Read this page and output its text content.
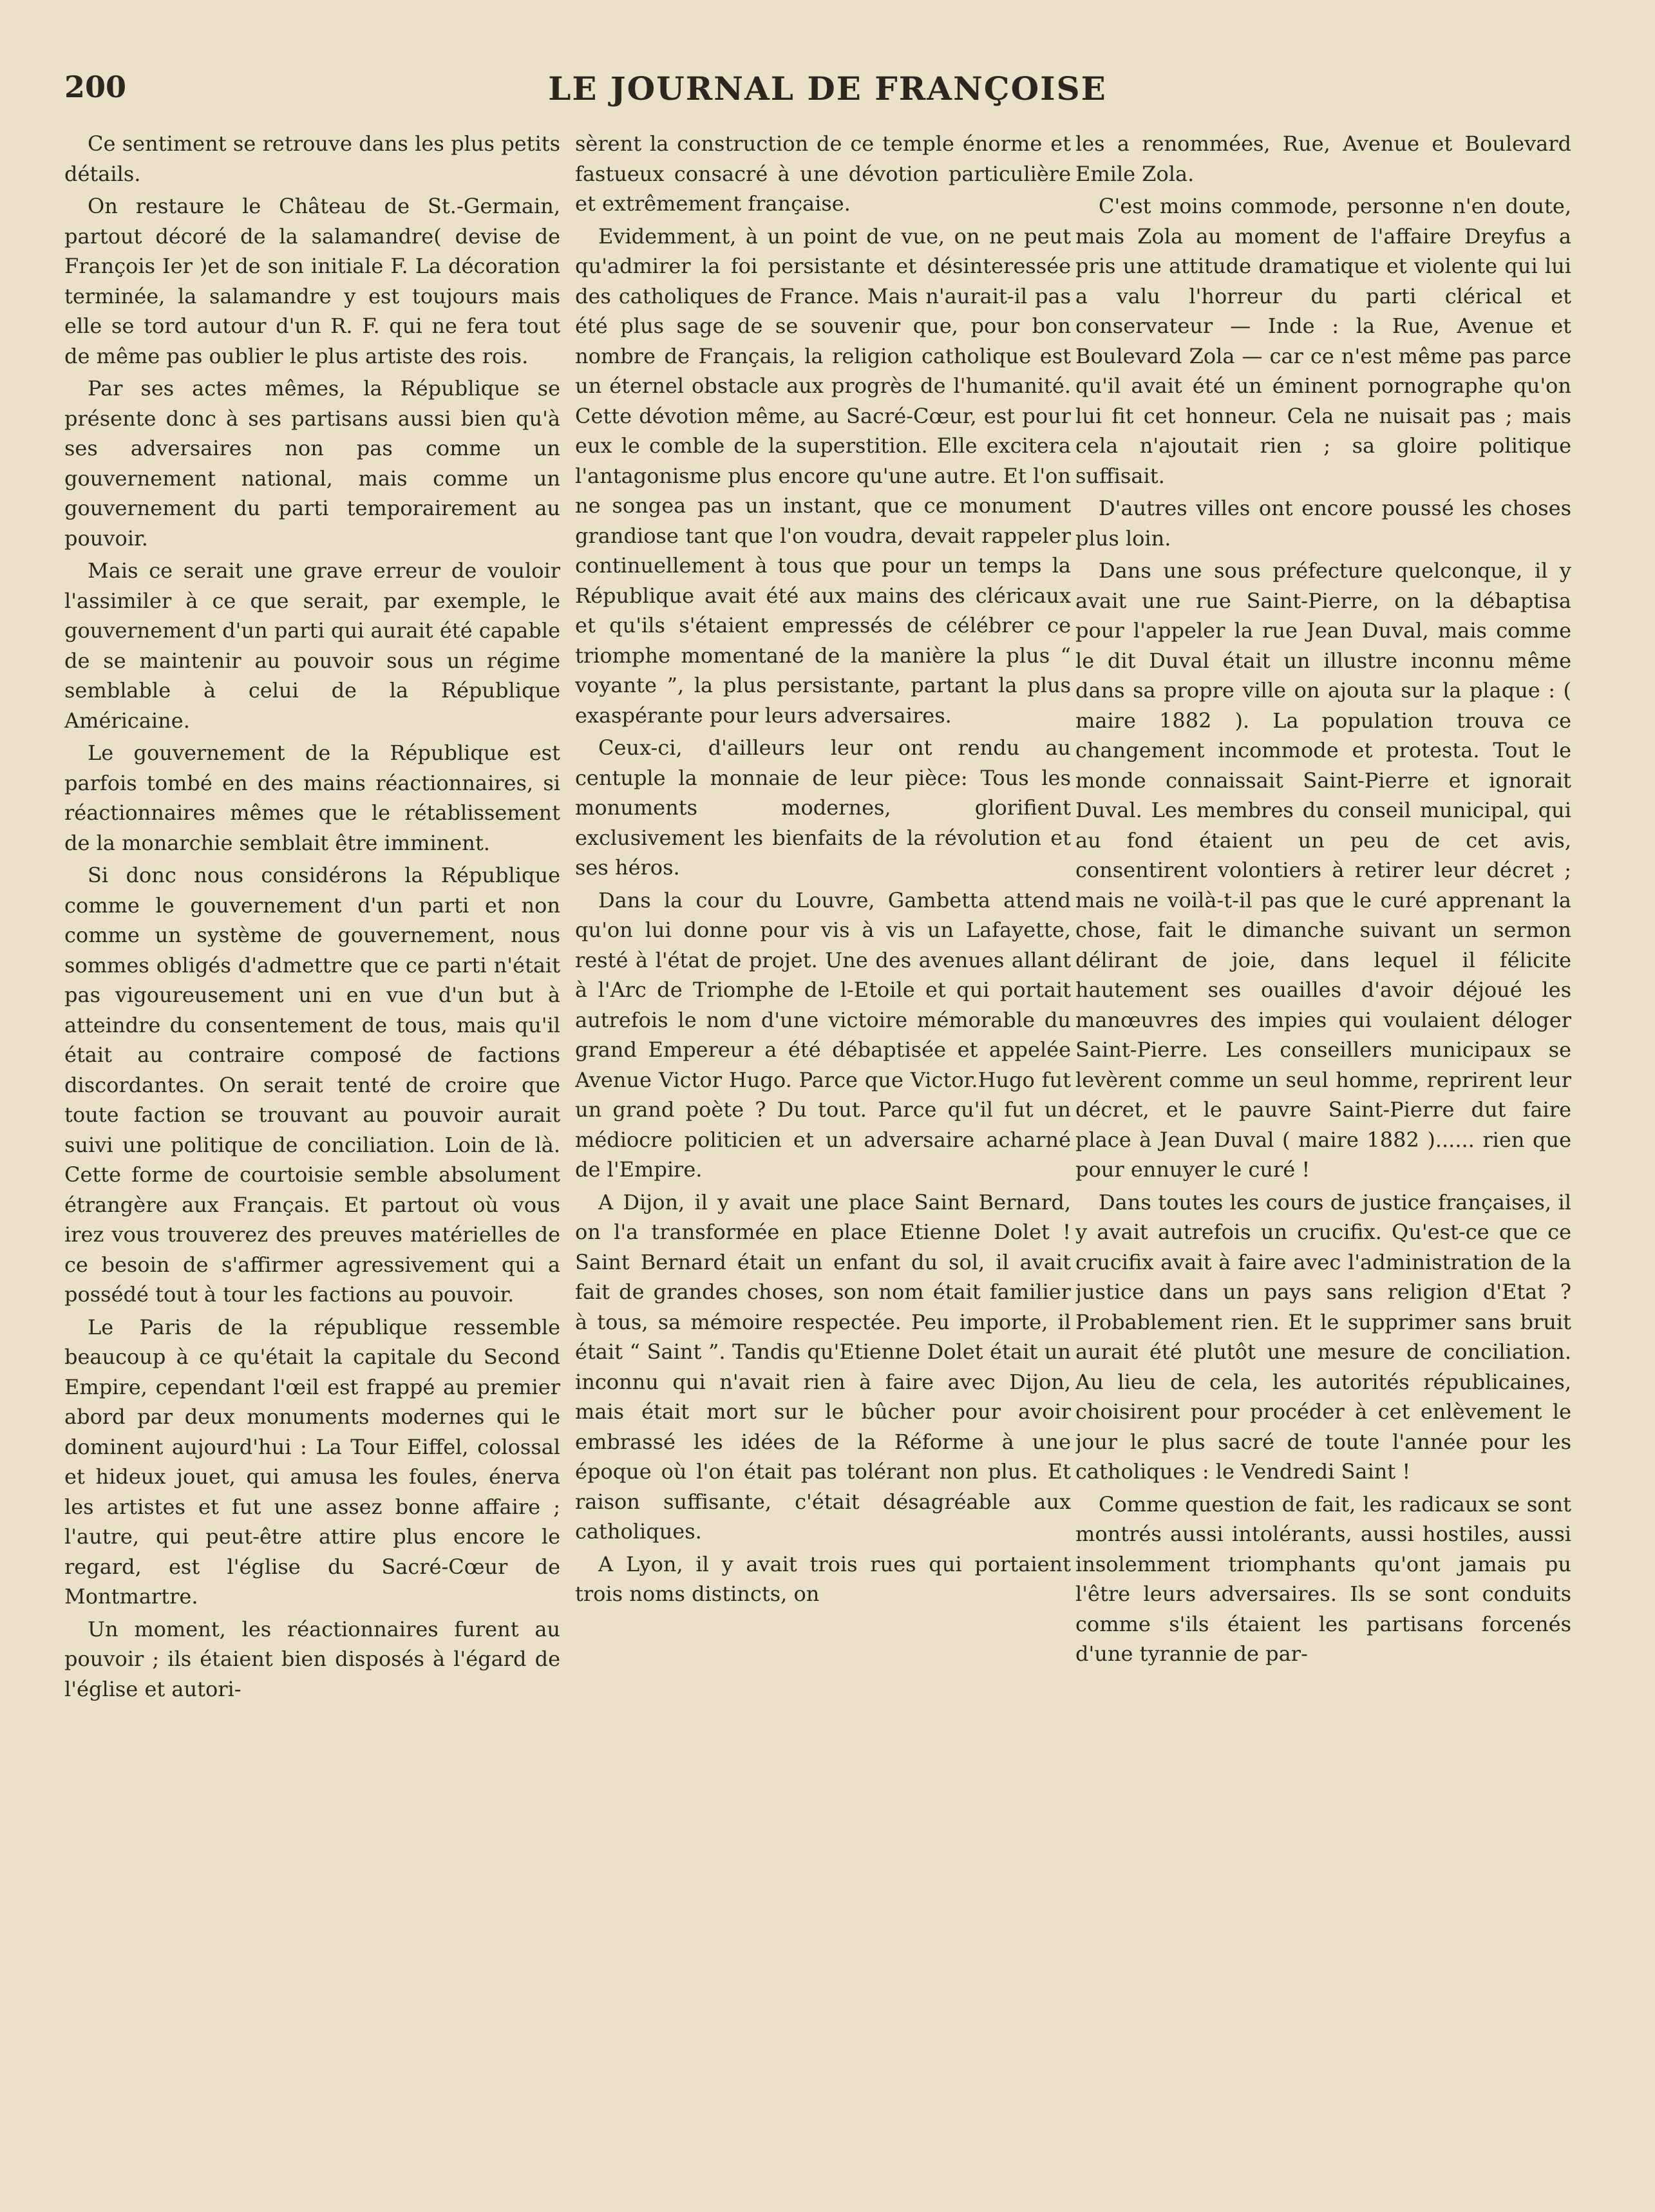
200	LE JOURNAL DE FRANÇOISE

Ce sentiment se retrouve dans les plus petits détails.

On restaure le Château de St.-Germain, partout décoré de la salamandre( devise de François Ier )et de son initiale F. La décoration terminée, la salamandre y est toujours mais elle se tord autour d'un R. F. qui ne fera tout de même pas oublier le plus artiste des rois.

Par ses actes mêmes, la République se présente donc à ses partisans aussi bien qu'à ses adversaires non pas comme un gouvernement national, mais comme un gouvernement du parti temporairement au pouvoir.

Mais ce serait une grave erreur de vouloir l'assimiler à ce que serait, par exemple, le gouvernement d'un parti qui aurait été capable de se maintenir au pouvoir sous un régime semblable à celui de la République Américaine.

Le gouvernement de la République est parfois tombé en des mains réactionnaires, si réactionnaires mêmes que le rétablissement de la monarchie semblait être imminent.

Si donc nous considérons la République comme le gouvernement d'un parti et non comme un système de gouvernement, nous sommes obligés d'admettre que ce parti n'était pas vigoureusement uni en vue d'un but à atteindre du consentement de tous, mais qu'il était au contraire composé de factions discordantes. On serait tenté de croire que toute faction se trouvant au pouvoir aurait suivi une politique de conciliation. Loin de là. Cette forme de courtoisie semble absolument étrangère aux Français. Et partout où vous irez vous trouverez des preuves matérielles de ce besoin de s'affirmer agressivement qui a possédé tout à tour les factions au pouvoir.

Le Paris de la république ressemble beaucoup à ce qu'était la capitale du Second Empire, cependant l'œil est frappé au premier abord par deux monuments modernes qui le dominent aujourd'hui : La Tour Eiffel, colossal et hideux jouet, qui amusa les foules, énerva les artistes et fut une assez bonne affaire ; l'autre, qui peut-être attire plus encore le regard, est l'église du Sacré-Cœur de Montmartre.

Un moment, les réactionnaires furent au pouvoir ; ils étaient bien disposés à l'égard de l'église et autori-

sèrent la construction de ce temple énorme et fastueux consacré à une dévotion particulière et extrêmement française.

Evidemment, à un point de vue, on ne peut qu'admirer la foi persistante et désinteressée des catholiques de France. Mais n'aurait-il pas été plus sage de se souvenir que, pour bon nombre de Français, la religion catholique est un éternel obstacle aux progrès de l'humanité. Cette dévotion même, au Sacré-Cœur, est pour eux le comble de la superstition. Elle excitera l'antagonisme plus encore qu'une autre. Et l'on ne songea pas un instant, que ce monument grandiose tant que l'on voudra, devait rappeler continuellement à tous que pour un temps la République avait été aux mains des cléricaux et qu'ils s'étaient empressés de célébrer ce triomphe momentané de la manière la plus “ voyante ”, la plus persistante, partant la plus exaspérante pour leurs adversaires.

Ceux-ci, d'ailleurs leur ont rendu au centuple la monnaie de leur pièce: Tous les monuments modernes, glorifient exclusivement les bienfaits de la révolution et ses héros.

Dans la cour du Louvre, Gambetta attend qu'on lui donne pour vis à vis un Lafayette, resté à l'état de projet. Une des avenues allant à l'Arc de Triomphe de l-Etoile et qui portait autrefois le nom d'une victoire mémorable du grand Empereur a été débaptisée et appelée Avenue Victor Hugo. Parce que Victor.Hugo fut un grand poète ? Du tout. Parce qu'il fut un médiocre politicien et un adversaire acharné de l'Empire.

A Dijon, il y avait une place Saint Bernard, on l'a transformée en place Etienne Dolet ! Saint Bernard était un enfant du sol, il avait fait de grandes choses, son nom était familier à tous, sa mémoire respectée. Peu importe, il était “ Saint ”. Tandis qu'Etienne Dolet était un inconnu qui n'avait rien à faire avec Dijon, mais était mort sur le bûcher pour avoir embrassé les idées de la Réforme à une époque où l'on était pas tolérant non plus. Et raison suffisante, c'était désagréable aux catholiques.

A Lyon, il y avait trois rues qui portaient trois noms distincts, on

les a renommées, Rue, Avenue et Boulevard Emile Zola.

C'est moins commode, personne n'en doute, mais Zola au moment de l'affaire Dreyfus a pris une attitude dramatique et violente qui lui a valu l'horreur du parti clérical et conservateur — Inde : la Rue, Avenue et Boulevard Zola — car ce n'est même pas parce qu'il avait été un éminent pornographe qu'on lui fit cet honneur. Cela ne nuisait pas ; mais cela n'ajoutait rien ; sa gloire politique suffisait.

D'autres villes ont encore poussé les choses plus loin.

Dans une sous préfecture quelconque, il y avait une rue Saint-Pierre, on la débaptisa pour l'appeler la rue Jean Duval, mais comme le dit Duval était un illustre inconnu même dans sa propre ville on ajouta sur la plaque : ( maire 1882 ). La population trouva ce changement incommode et protesta. Tout le monde connaissait Saint-Pierre et ignorait Duval. Les membres du conseil municipal, qui au fond étaient un peu de cet avis, consentirent volontiers à retirer leur décret ; mais ne voilà-t-il pas que le curé apprenant la chose, fait le dimanche suivant un sermon délirant de joie, dans lequel il félicite hautement ses ouailles d'avoir déjoué les manœuvres des impies qui voulaient déloger Saint-Pierre. Les conseillers municipaux se levèrent comme un seul homme, reprirent leur décret, et le pauvre Saint-Pierre dut faire place à Jean Duval ( maire 1882 )...... rien que pour ennuyer le curé !

Dans toutes les cours de justice françaises, il y avait autrefois un crucifix. Qu'est-ce que ce crucifix avait à faire avec l'administration de la justice dans un pays sans religion d'Etat ? Probablement rien. Et le supprimer sans bruit aurait été plutôt une mesure de conciliation. Au lieu de cela, les autorités républicaines, choisirent pour procéder à cet enlèvement le jour le plus sacré de toute l'année pour les catholiques : le Vendredi Saint !

Comme question de fait, les radicaux se sont montrés aussi intolérants, aussi hostiles, aussi insolemment triomphants qu'ont jamais pu l'être leurs adversaires. Ils se sont conduits comme s'ils étaient les partisans forcenés d'une tyrannie de par-
